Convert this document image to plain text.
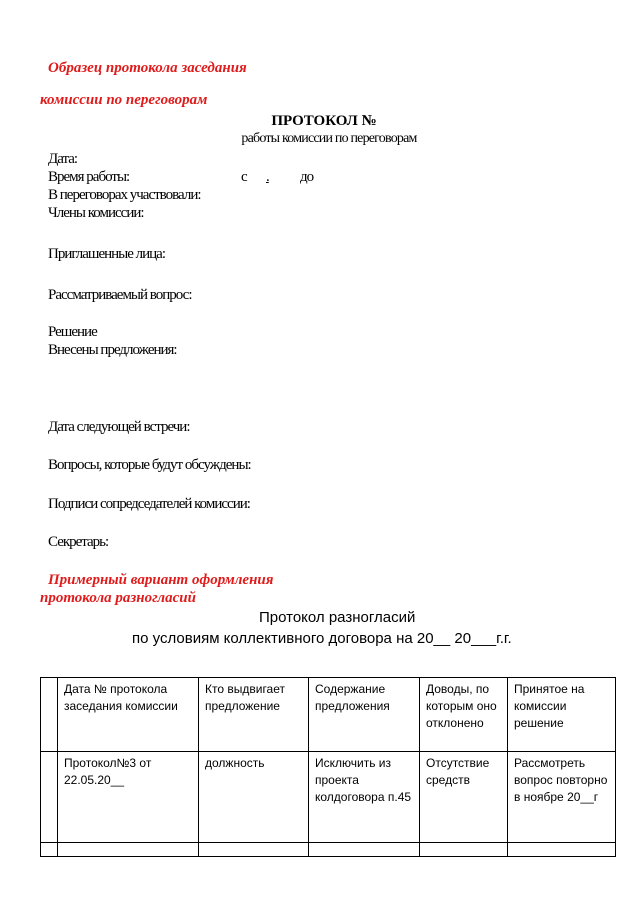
Образец протокола заседания
комиссии по переговорам
ПРОТОКОЛ №
работы комиссии по переговорам
Дата:
Время работы:	с . до
В переговорах участвовали:
Члены комиссии:
Приглашенные лица:
Рассматриваемый вопрос:
Решение
Внесены предложения:
Дата следующей встречи:
Вопросы, которые будут обсуждены:
Подписи сопредседателей комиссии:
Секретарь:
Примерный вариант оформления
протокола разногласий
Протокол разногласий
по условиям коллективного договора на 20__ 20___г.г.
	Дата № протокола заседания комиссии	Кто выдвигает предложение	Содержание предложения	Доводы, по которым оно отклонено	Принятое на комиссии решение
	Протокол№3 от 22.05.20__	должность	Исключить из проекта колдоговора п.45	Отсутствие средств	Рассмотреть вопрос повторно в ноябре 20__г
